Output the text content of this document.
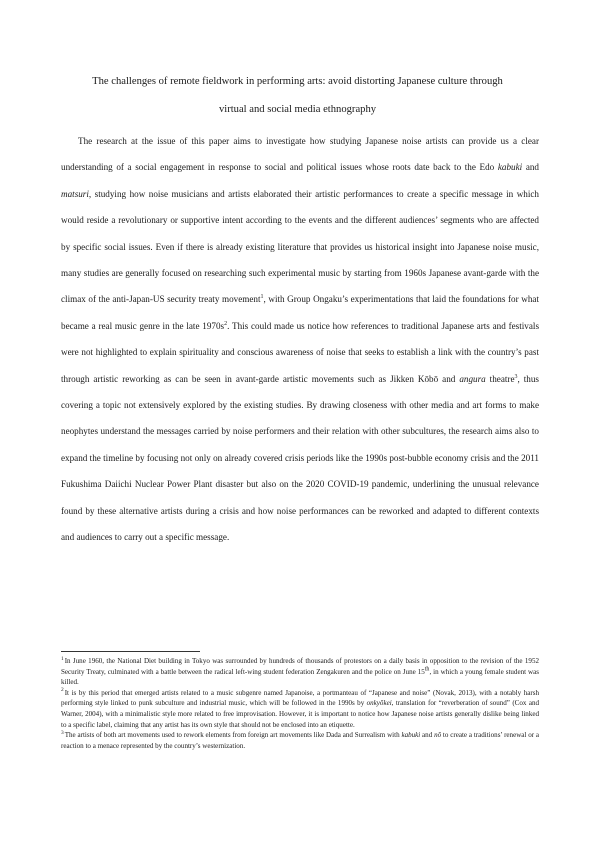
The challenges of remote fieldwork in performing arts: avoid distorting Japanese culture through
virtual and social media ethnography

The research at the issue of this paper aims to investigate how studying Japanese noise artists can provide us a clear understanding of a social engagement in response to social and political issues whose roots date back to the Edo kabuki and matsuri, studying how noise musicians and artists elaborated their artistic performances to create a specific message in which would reside a revolutionary or supportive intent according to the events and the different audiences’ segments who are affected by specific social issues. Even if there is already existing literature that provides us historical insight into Japanese noise music, many studies are generally focused on researching such experimental music by starting from 1960s Japanese avant-garde with the climax of the anti-Japan-US security treaty movement$^1$, with Group Ongaku’s experimentations that laid the foundations for what became a real music genre in the late $1970s^2$. This could made us notice how references to traditional Japanese arts and festivals were not highlighted to explain spirituality and conscious awareness of noise that seeks to establish a link with the country’s past through artistic reworking as can be seen in avant-garde artistic movements such as Jikken Kōbō and angura theatre$^3$, thus covering a topic not extensively explored by the existing studies. By drawing closeness with other media and art forms to make neophytes understand the messages carried by noise performers and their relation with other subcultures, the research aims also to expand the timeline by focusing not only on already covered crisis periods like the 1990s post-bubble economy crisis and the 2011 Fukushima Daiichi Nuclear Power Plant disaster but also on the 2020 COVID-19 pandemic, underlining the unusual relevance found by these alternative artists during a crisis and how noise performances can be reworked and adapted to different contexts and audiences to carry out a specific message.

$^1$In June 1960, the National Diet building in Tokyo was surrounded by hundreds of thousands of protestors on a daily basis in opposition to the revision of the 1952 Security Treaty, culminated with a battle between the radical left-wing student federation Zengakuren and the police on June 15th, in which a young female student was killed.

$^2$It is by this period that emerged artists related to a music subgenre named Japanoise, a portmanteau of “Japanese and noise” (Novak, 2013), with a notably harsh performing style linked to punk subculture and industrial music, which will be followed in the 1990s by onkyōkei, translation for “reverberation of sound” (Cox and Warner, 2004), with a minimalistic style more related to free improvisation. However, it is important to notice how Japanese noise artists generally dislike being linked to a specific label, claiming that any artist has its own style that should not be enclosed into an etiquette.

$^3$The artists of both art movements used to rework elements from foreign art movements like Dada and Surrealism with kabuki and nō to create a traditions’ renewal or a reaction to a menace represented by the country’s westernization.
